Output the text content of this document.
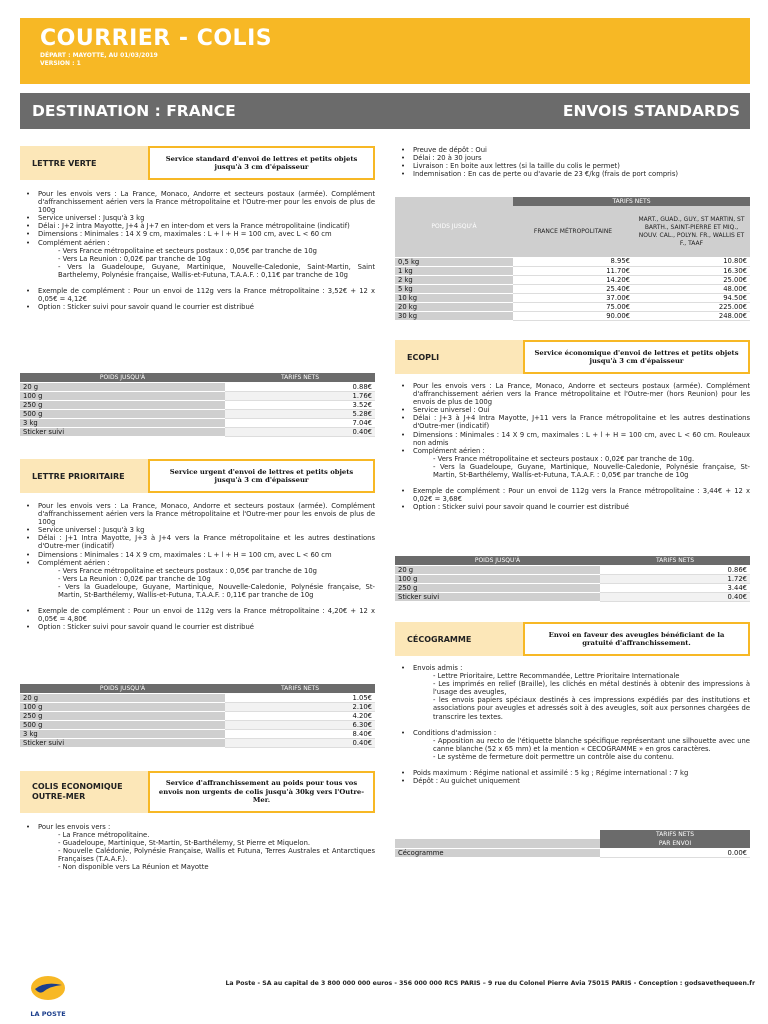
COURRIER - COLIS
DÉPART : MAYOTTE, AU 01/03/2019
VERSION : 1
DESTINATION : FRANCE	ENVOIS STANDARDS
LETTRE VERTE	Service standard d'envoi de lettres et petits objets jusqu'à 3 cm d'épaisseur
• Pour les envois vers : La France, Monaco, Andorre et secteurs postaux (armée). Complément d'affranchissement aérien vers la France métropolitaine et l'Outre-mer pour les envois de plus de 100g
• Service universel : Jusqu'à 3 kg
• Délai : J+2 intra Mayotte, J+4 à J+7 en inter-dom et vers la France métropolitaine (indicatif)
• Dimensions : Minimales : 14 X 9 cm, maximales : L + l + H = 100 cm, avec L < 60 cm
• Complément aérien :
- Vers France métropolitaine et secteurs postaux : 0,05€ par tranche de 10g
- Vers La Reunion : 0,02€ par tranche de 10g
- Vers la Guadeloupe, Guyane, Martinique, Nouvelle-Caledonie, Saint-Martin, Saint Barthelemy, Polynésie française, Wallis-et-Futuna, T.A.A.F. : 0,11€ par tranche de 10g
• Exemple de complément : Pour un envoi de 112g vers la France métropolitaine : 3,52€ + 12 x 0,05€ = 4,12€
• Option : Sticker suivi pour savoir quand le courrier est distribué
POIDS JUSQU'À	TARIFS NETS
20 g	0.88€
100 g	1.76€
250 g	3.52€
500 g	5.28€
3 kg	7.04€
Sticker suivi	0.40€
LETTRE PRIORITAIRE	Service urgent d'envoi de lettres et petits objets jusqu'à 3 cm d'épaisseur
• Pour les envois vers : La France, Monaco, Andorre et secteurs postaux (armée). Complément d'affranchissement aérien vers la France métropolitaine et l'Outre-mer pour les envois de plus de 100g
• Service universel : Jusqu'à 3 kg
• Délai : J+1 Intra Mayotte, J+3 à J+4 vers la France métropolitaine et les autres destinations d'Outre-mer (indicatif)
• Dimensions : Minimales : 14 X 9 cm, maximales : L + l + H = 100 cm, avec L < 60 cm
• Complément aérien :
- Vers France métropolitaine et secteurs postaux : 0,05€ par tranche de 10g
- Vers La Reunion : 0,02€ par tranche de 10g
- Vers la Guadeloupe, Guyane, Martinique, Nouvelle-Caledonie, Polynésie française, St-Martin, St-Barthélemy, Wallis-et-Futuna, T.A.A.F. : 0,11€ par tranche de 10g
• Exemple de complément : Pour un envoi de 112g vers la France métropolitaine : 4,20€ + 12 x 0,05€ = 4,80€
• Option : Sticker suivi pour savoir quand le courrier est distribué
POIDS JUSQU'À	TARIFS NETS
20 g	1.05€
100 g	2.10€
250 g	4.20€
500 g	6.30€
3 kg	8.40€
Sticker suivi	0.40€
COLIS ECONOMIQUE
OUTRE-MER
Service d'affranchissement au poids pour tous vos envois non urgents de colis jusqu'à 30kg vers l'Outre-Mer.
• Pour les envois vers :
- La France métropolitaine.
- Guadeloupe, Martinique, St-Martin, St-Barthélemy, St Pierre et Miquelon.
- Nouvelle Calédonie, Polynésie Française, Wallis et Futuna, Terres Australes et Antarctiques Françaises (T.A.A.F.).
- Non disponible vers La Réunion et Mayotte
• Preuve de dépôt : Oui
• Délai : 20 à 30 jours
• Livraison : En boite aux lettres (si la taille du colis le permet)
• Indemnisation : En cas de perte ou d'avarie de 23 €/kg (frais de port compris)
POIDS JUSQU'À	TARIFS NETS	
	FRANCE MÉTROPOLITAINE	MART., GUAD., GUY., ST MARTIN, ST BARTH., SAINT-PIERRE ET MIQ., NOUV. CAL., POLYN. FR., WALLIS ET F., TAAF
0,5 kg	8.95€	10.80€
1 kg	11.70€	16.30€
2 kg	14.20€	25.00€
5 kg	25.40€	48.00€
10 kg	37.00€	94.50€
20 kg	75.00€	225.00€
30 kg	90.00€	248.00€
ECOPLI	Service économique d'envoi de lettres et petits objets jusqu'à 3 cm d'épaisseur
• Pour les envois vers : La France, Monaco, Andorre et secteurs postaux (armée). Complément d'affranchissement aérien vers la France métropolitaine et l'Outre-mer (hors Reunion) pour les envois de plus de 100g
• Service universel : Oui
• Délai : J+3 à J+4 Intra Mayotte, J+11 vers la France métropolitaine et les autres destinations d'Outre-mer (indicatif)
• Dimensions : Minimales : 14 X 9 cm, maximales : L + l + H = 100 cm, avec L < 60 cm. Rouleaux non admis
• Complément aérien :
- Vers France métropolitaine et secteurs postaux : 0,02€ par tranche de 10g.
- Vers la Guadeloupe, Guyane, Martinique, Nouvelle-Caledonie, Polynésie française, St-Martin, St-Barthélemy, Wallis-et-Futuna, T.A.A.F. : 0,05€ par tranche de 10g
• Exemple de complément : Pour un envoi de 112g vers la France métropolitaine : 3,44€ + 12 x 0,02€ = 3,68€
• Option : Sticker suivi pour savoir quand le courrier est distribué
POIDS JUSQU'À	TARIFS NETS
20 g	0.86€
100 g	1.72€
250 g	3.44€
Sticker suivi	0.40€
CÉCOGRAMME	Envoi en faveur des aveugles bénéficiant de la gratuité d'affranchissement.
• Envois admis :
- Lettre Prioritaire, Lettre Recommandée, Lettre Prioritaire Internationale
- Les imprimés en relief (Braille), les clichés en métal destinés à obtenir des impressions à l'usage des aveugles,
- les envois papiers spéciaux destinés à ces impressions expédiés par des institutions et associations pour aveugles et adressés soit à des aveugles, soit aux personnes chargées de transcrire les textes.
• Conditions d'admission :
- Apposition au recto de l'étiquette blanche spécifique représentant une silhouette avec une canne blanche (52 x 65 mm) et la mention « CECOGRAMME » en gros caractères.
- Le système de fermeture doit permettre un contrôle aise du contenu.
• Poids maximum : Régime national et assimilé : 5 kg ; Régime international : 7 kg
• Dépôt : Au guichet uniquement
	TARIFS NETS
	PAR ENVOI
Cécogramme	0.00€
LA POSTE
La Poste - SA au capital de 3 800 000 000 euros - 356 000 000 RCS PARIS – 9 rue du Colonel Pierre Avia 75015 PARIS - Conception : godsavethequeen.fr
